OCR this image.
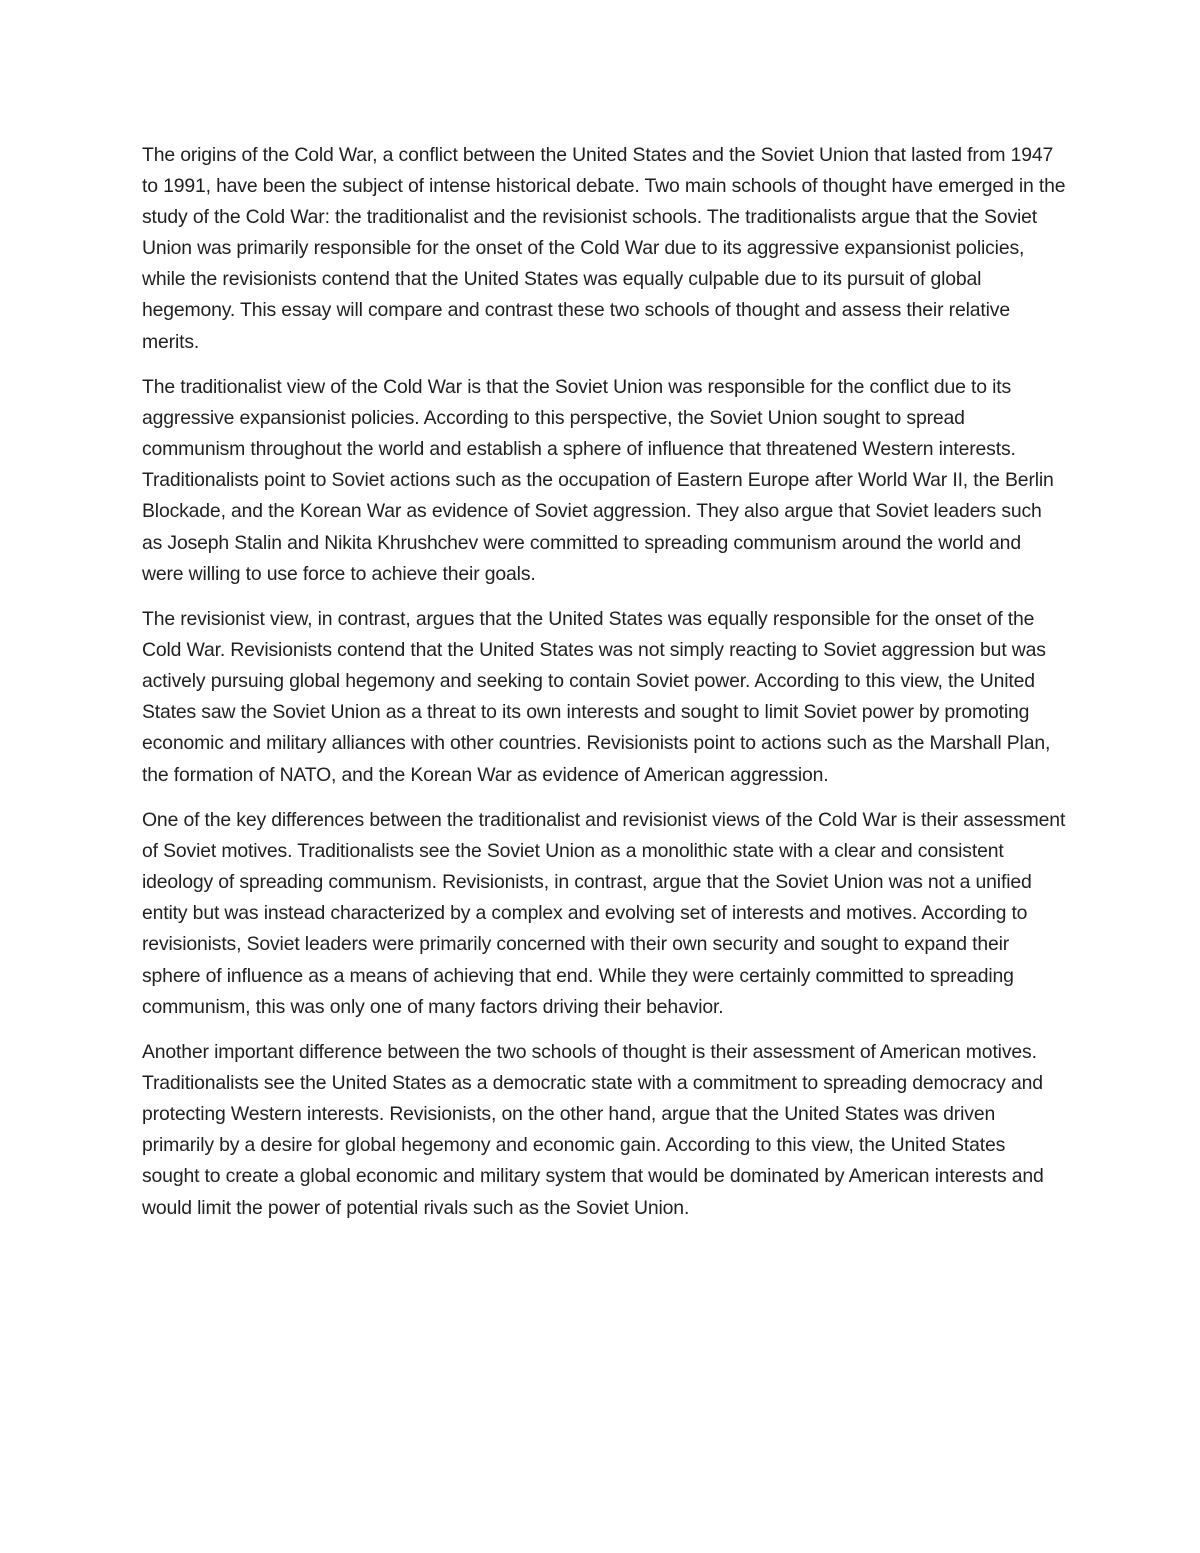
The origins of the Cold War, a conflict between the United States and the Soviet Union that lasted from 1947 to 1991, have been the subject of intense historical debate. Two main schools of thought have emerged in the study of the Cold War: the traditionalist and the revisionist schools. The traditionalists argue that the Soviet Union was primarily responsible for the onset of the Cold War due to its aggressive expansionist policies, while the revisionists contend that the United States was equally culpable due to its pursuit of global hegemony. This essay will compare and contrast these two schools of thought and assess their relative merits.

The traditionalist view of the Cold War is that the Soviet Union was responsible for the conflict due to its aggressive expansionist policies. According to this perspective, the Soviet Union sought to spread communism throughout the world and establish a sphere of influence that threatened Western interests. Traditionalists point to Soviet actions such as the occupation of Eastern Europe after World War II, the Berlin Blockade, and the Korean War as evidence of Soviet aggression. They also argue that Soviet leaders such as Joseph Stalin and Nikita Khrushchev were committed to spreading communism around the world and were willing to use force to achieve their goals.

The revisionist view, in contrast, argues that the United States was equally responsible for the onset of the Cold War. Revisionists contend that the United States was not simply reacting to Soviet aggression but was actively pursuing global hegemony and seeking to contain Soviet power. According to this view, the United States saw the Soviet Union as a threat to its own interests and sought to limit Soviet power by promoting economic and military alliances with other countries. Revisionists point to actions such as the Marshall Plan, the formation of NATO, and the Korean War as evidence of American aggression.

One of the key differences between the traditionalist and revisionist views of the Cold War is their assessment of Soviet motives. Traditionalists see the Soviet Union as a monolithic state with a clear and consistent ideology of spreading communism. Revisionists, in contrast, argue that the Soviet Union was not a unified entity but was instead characterized by a complex and evolving set of interests and motives. According to revisionists, Soviet leaders were primarily concerned with their own security and sought to expand their sphere of influence as a means of achieving that end. While they were certainly committed to spreading communism, this was only one of many factors driving their behavior.

Another important difference between the two schools of thought is their assessment of American motives. Traditionalists see the United States as a democratic state with a commitment to spreading democracy and protecting Western interests. Revisionists, on the other hand, argue that the United States was driven primarily by a desire for global hegemony and economic gain. According to this view, the United States sought to create a global economic and military system that would be dominated by American interests and would limit the power of potential rivals such as the Soviet Union.
